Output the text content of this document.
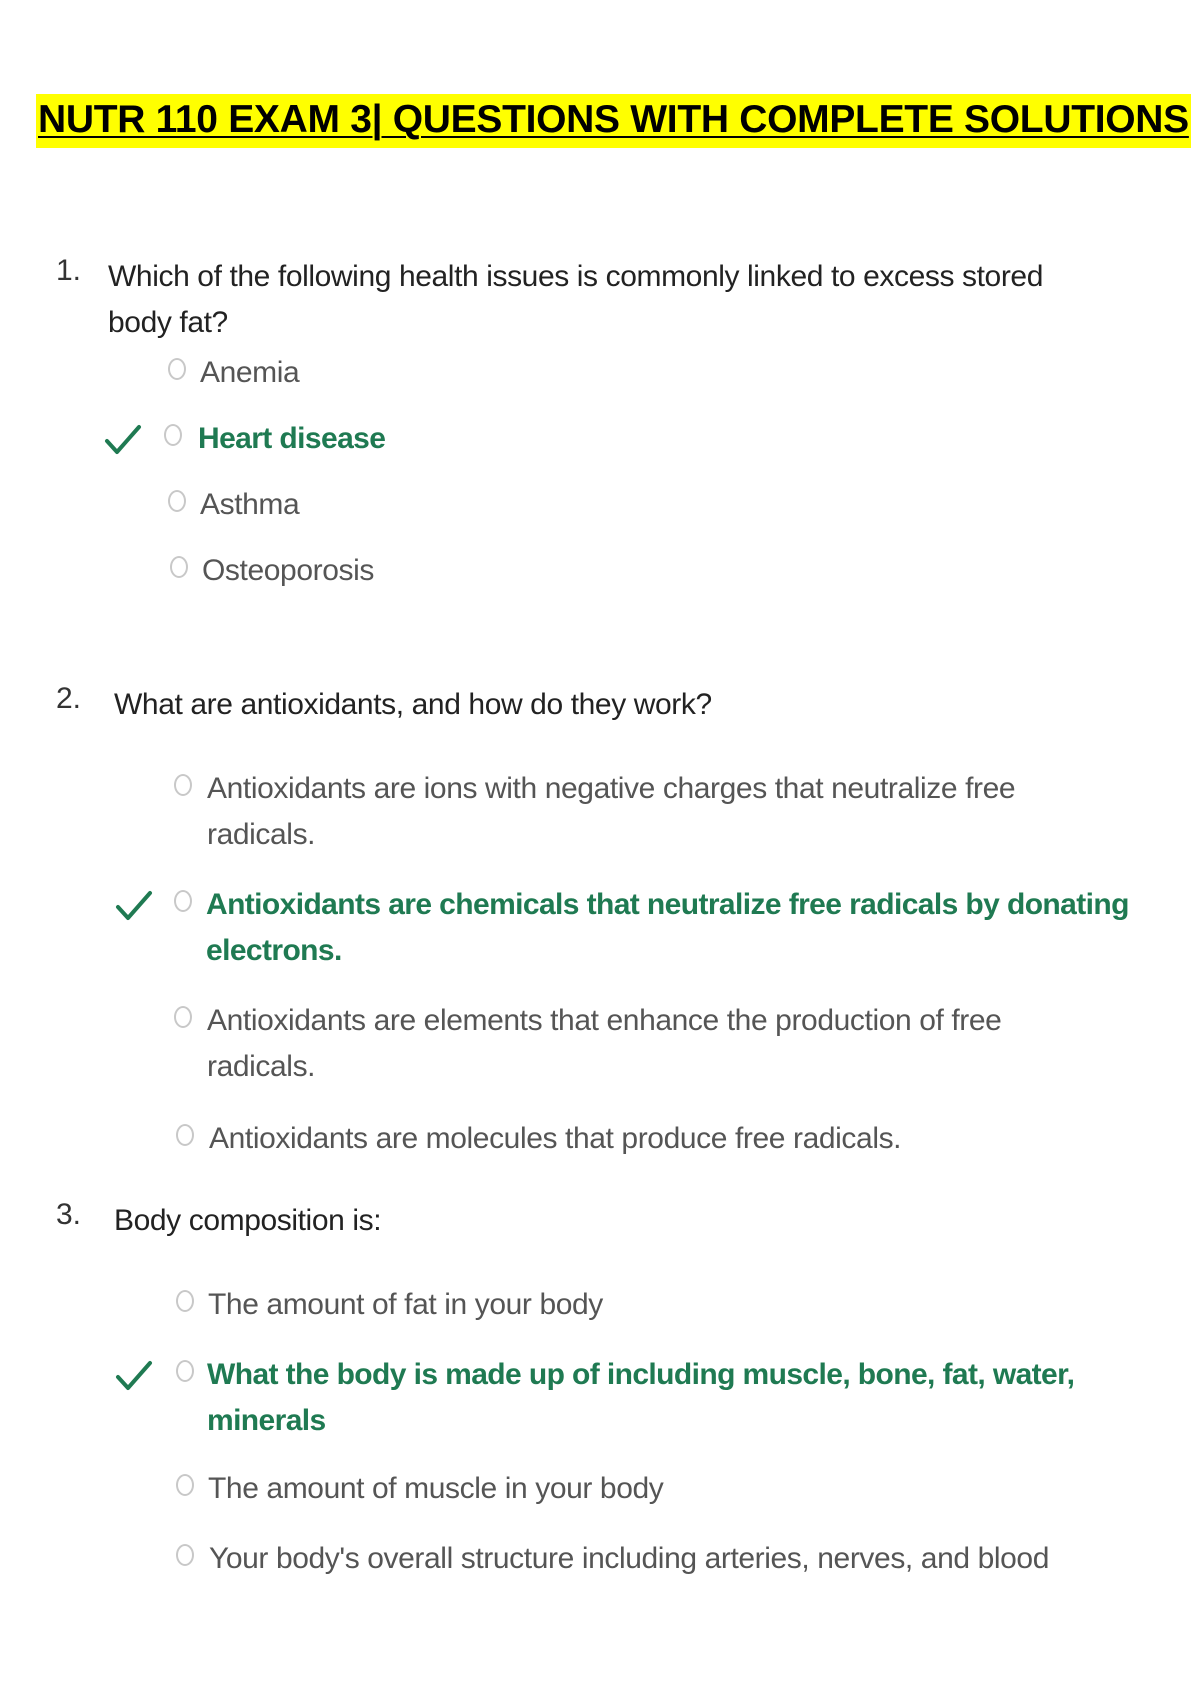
NUTR 110 EXAM 3| QUESTIONS WITH COMPLETE SOLUTIONS
1. Which of the following health issues is commonly linked to excess stored body fat?
Anemia
Heart disease
Asthma
Osteoporosis
2. What are antioxidants, and how do they work?
Antioxidants are ions with negative charges that neutralize free radicals.
Antioxidants are chemicals that neutralize free radicals by donating electrons.
Antioxidants are elements that enhance the production of free radicals.
Antioxidants are molecules that produce free radicals.
3. Body composition is:
The amount of fat in your body
What the body is made up of including muscle, bone, fat, water, minerals
The amount of muscle in your body
Your body's overall structure including arteries, nerves, and blood
